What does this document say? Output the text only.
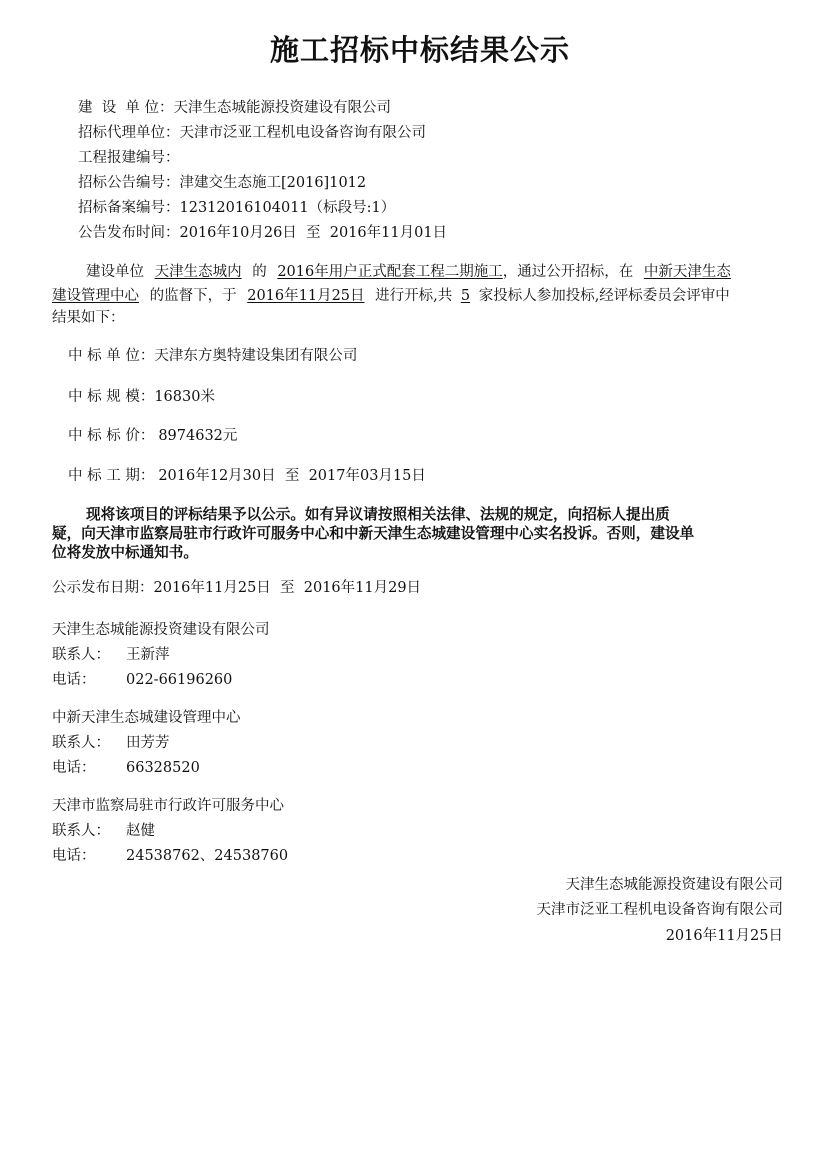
施工招标中标结果公示
建  设  单 位：天津生态城能源投资建设有限公司
招标代理单位：天津市泛亚工程机电设备咨询有限公司
工程报建编号：
招标公告编号：津建交生态施工[2016]1012
招标备案编号：12312016104011（标段号:1）
公告发布时间：2016年10月26日  至  2016年11月01日
建设单位 天津生态城内 的 2016年用户正式配套工程二期施工，通过公开招标，在 中新天津生态
建设管理中心 的监督下，于 2016年11月25日 进行开标,共 5 家投标人参加投标,经评标委员会评审中
结果如下：
中 标 单 位：天津东方奥特建设集团有限公司
中 标 规 模：16830米
中 标 标 价： 8974632元
中 标 工 期： 2016年12月30日  至  2017年03月15日
现将该项目的评标结果予以公示。如有异议请按照相关法律、法规的规定，向招标人提出质
疑，向天津市监察局驻市行政许可服务中心和中新天津生态城建设管理中心实名投诉。否则，建设单
位将发放中标通知书。
公示发布日期：2016年11月25日  至  2016年11月29日
天津生态城能源投资建设有限公司
联系人： 王新萍
电话： 022-66196260
中新天津生态城建设管理中心
联系人： 田芳芳
电话： 66328520
天津市监察局驻市行政许可服务中心
联系人： 赵健
电话： 24538762、24538760
天津生态城能源投资建设有限公司
天津市泛亚工程机电设备咨询有限公司
2016年11月25日
